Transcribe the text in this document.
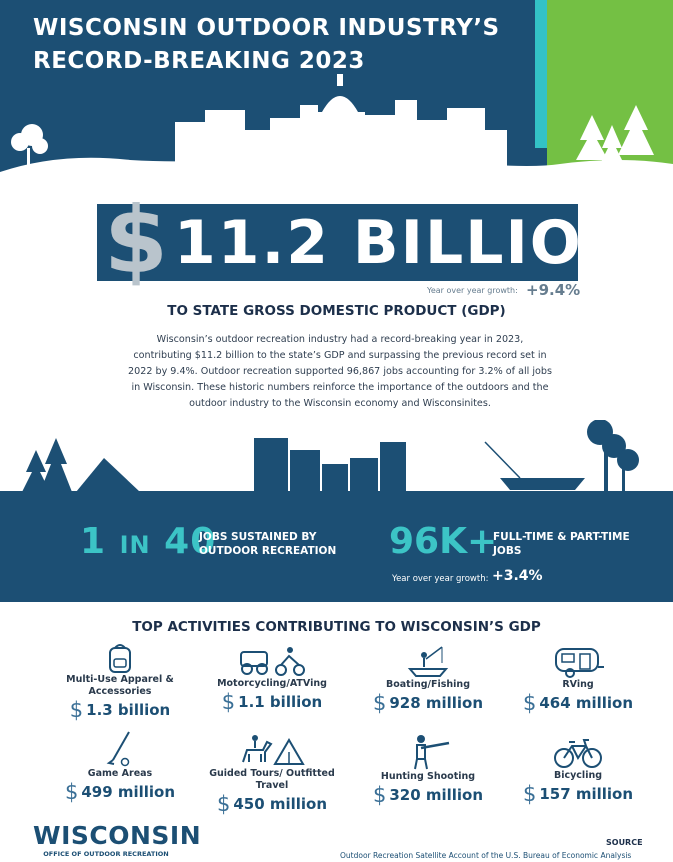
WISCONSIN OUTDOOR INDUSTRY’S
RECORD-BREAKING 2023
$ 11.2 BILLION
Year over year growth: +9.4%
TO STATE GROSS DOMESTIC PRODUCT (GDP)
Wisconsin’s outdoor recreation industry had a record-breaking year in 2023, contributing $11.2 billion to the state’s GDP and surpassing the previous record set in 2022 by 9.4%. Outdoor recreation supported 96,867 jobs accounting for 3.2% of all jobs in Wisconsin. These historic numbers reinforce the importance of the outdoors and the outdoor industry to the Wisconsin economy and Wisconsinites.
1 IN 40
JOBS SUSTAINED BY OUTDOOR RECREATION	96K+
FULL-TIME & PART-TIME JOBS
Year over year growth: +3.4%
TOP ACTIVITIES CONTRIBUTING TO WISCONSIN’S GDP
Multi-Use Apparel & Accessories
$ 1.3 billion
Motorcycling/ATVing
$ 1.1 billion
Boating/Fishing
$ 928 million
RVing
$ 464 million
Game Areas
$ 499 million
Guided Tours/ Outfitted Travel
$ 450 million
Hunting Shooting
$ 320 million
Bicycling
$ 157 million
WISCONSIN
OFFICE OF OUTDOOR RECREATION
SOURCE
Outdoor Recreation Satellite Account of the U.S. Bureau of Economic Analysis
